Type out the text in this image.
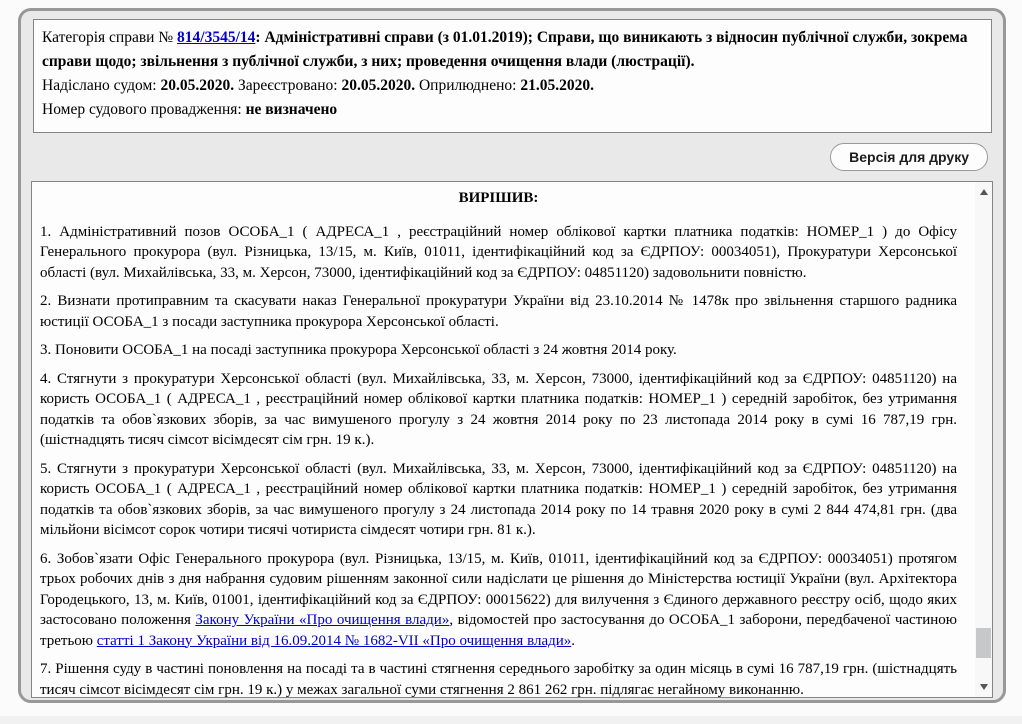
Категорія справи № 814/3545/14: Адміністративні справи (з 01.01.2019); Справи, що виникають з відносин публічної служби, зокрема справи щодо; звільнення з публічної служби, з них; проведення очищення влади (люстрації).
Надіслано судом: 20.05.2020. Зареєстровано: 20.05.2020. Оприлюднено: 21.05.2020.
Номер судового провадження: не визначено
Версія для друку
ВИРІШИВ:

1. Адміністративний позов ОСОБА_1 ( АДРЕСА_1 , реєстраційний номер облікової картки платника податків: НОМЕР_1 ) до Офісу Генерального прокурора (вул. Різницька, 13/15, м. Київ, 01011, ідентифікаційний код за ЄДРПОУ: 00034051), Прокуратури Херсонської області (вул. Михайлівська, 33, м. Херсон, 73000, ідентифікаційний код за ЄДРПОУ: 04851120) задовольнити повністю.

2. Визнати протиправним та скасувати наказ Генеральної прокуратури України від 23.10.2014 № 1478к про звільнення старшого радника юстиції ОСОБА_1 з посади заступника прокурора Херсонської області.

3. Поновити ОСОБА_1 на посаді заступника прокурора Херсонської області з 24 жовтня 2014 року.

4. Стягнути з прокуратури Херсонської області (вул. Михайлівська, 33, м. Херсон, 73000, ідентифікаційний код за ЄДРПОУ: 04851120) на користь ОСОБА_1 ( АДРЕСА_1 , реєстраційний номер облікової картки платника податків: НОМЕР_1 ) середній заробіток, без утримання податків та обов`язкових зборів, за час вимушеного прогулу з 24 жовтня 2014 року по 23 листопада 2014 року в сумі 16 787,19 грн. (шістнадцять тисяч сімсот вісімдесят сім грн. 19 к.).

5. Стягнути з прокуратури Херсонської області (вул. Михайлівська, 33, м. Херсон, 73000, ідентифікаційний код за ЄДРПОУ: 04851120) на користь ОСОБА_1 ( АДРЕСА_1 , реєстраційний номер облікової картки платника податків: НОМЕР_1 ) середній заробіток, без утримання податків та обов`язкових зборів, за час вимушеного прогулу з 24 листопада 2014 року по 14 травня 2020 року в сумі 2 844 474,81 грн. (два мільйони вісімсот сорок чотири тисячі чотириста сімдесят чотири грн. 81 к.).

6. Зобов`язати Офіс Генерального прокурора (вул. Різницька, 13/15, м. Київ, 01011, ідентифікаційний код за ЄДРПОУ: 00034051) протягом трьох робочих днів з дня набрання судовим рішенням законної сили надіслати це рішення до Міністерства юстиції України (вул. Архітектора Городецького, 13, м. Київ, 01001, ідентифікаційний код за ЄДРПОУ: 00015622) для вилучення з Єдиного державного реєстру осіб, щодо яких застосовано положення Закону України «Про очищення влади», відомостей про застосування до ОСОБА_1 заборони, передбаченої частиною третьою статті 1 Закону України від 16.09.2014 № 1682-VII «Про очищення влади».

7. Рішення суду в частині поновлення на посаді та в частині стягнення середнього заробітку за один місяць в сумі 16 787,19 грн. (шістнадцять тисяч сімсот вісімдесят сім грн. 19 к.) у межах загальної суми стягнення 2 861 262 грн. підлягає негайному виконанню.
